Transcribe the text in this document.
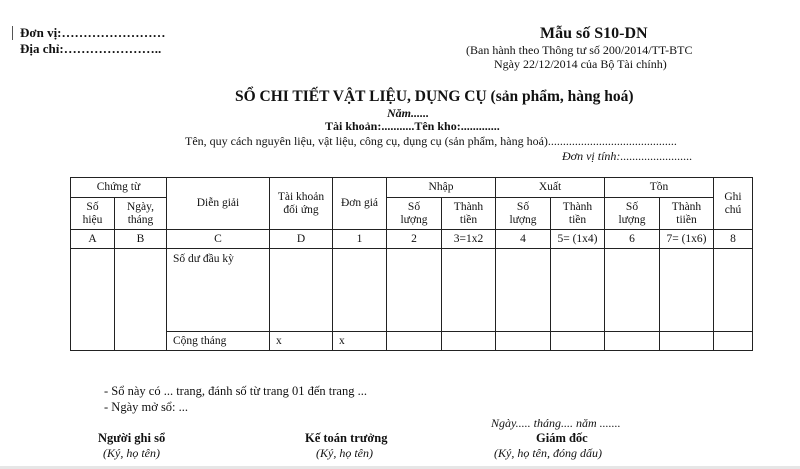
Đơn vị:……………………
Địa chỉ:…………………..
Mẫu số S10-DN
(Ban hành theo Thông tư số 200/2014/TT-BTC
Ngày 22/12/2014 của Bộ Tài chính)
SỔ CHI TIẾT VẬT LIỆU, DỤNG CỤ (sản phẩm, hàng hoá)
Năm......
Tài khoản:...........Tên kho:.............
Tên, quy cách nguyên liệu, vật liệu, công cụ, dụng cụ (sản phẩm, hàng hoá)...........................................
Đơn vị tính:........................
Chứng từ		Diễn giải	Tài khoản đối ứng	Đơn giá	Nhập		Xuất		Tồn		Ghi chú
Số hiệu	Ngày, tháng				Số lượng	Thành tiền	Số lượng	Thành tiền	Số lượng	Thành tiiền	
A	B	C	D	1	2	3=1x2	4	5= (1x4)	6	7= (1x6)	8
		Số dư đầu kỳ									
		Cộng tháng	x	x							
- Sổ này có ... trang, đánh số từ trang 01 đến trang ...
- Ngày mở sổ: ...
Ngày..... tháng.... năm .......
Người ghi sổ
(Ký, họ tên)
Kế toán trưởng
(Ký, họ tên)
Giám đốc
(Ký, họ tên, đóng dấu)
